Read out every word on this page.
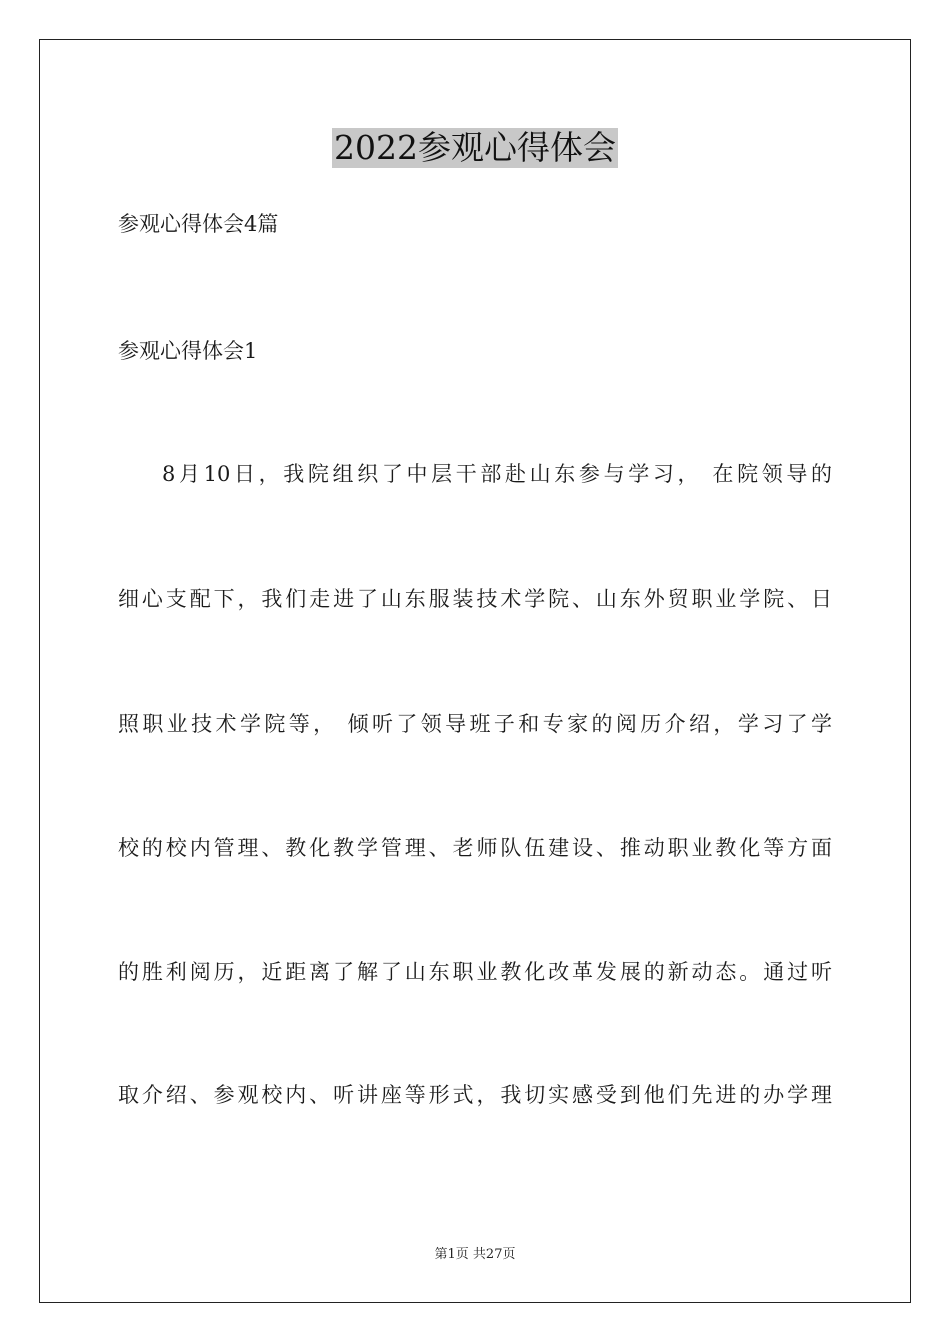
2022参观心得体会
参观心得体会4篇
参观心得体会1
8月10日，我院组织了中层干部赴山东参与学习， 在院领导的
细心支配下，我们走进了山东服装技术学院、山东外贸职业学院、日
照职业技术学院等， 倾听了领导班子和专家的阅历介绍，学习了学
校的校内管理、教化教学管理、老师队伍建设、推动职业教化等方面
的胜利阅历，近距离了解了山东职业教化改革发展的新动态。通过听
取介绍、参观校内、听讲座等形式，我切实感受到他们先进的办学理
第1页 共27页
